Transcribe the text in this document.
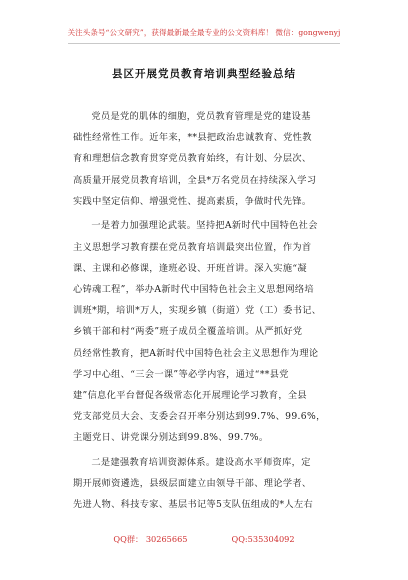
关注头条号“公文研究”，获得最新最全最专业的公文资料库！ 微信：gongwenyj
县区开展党员教育培训典型经验总结
党员是党的肌体的细胞，党员教育管理是党的建设基
础性经常性工作。近年来，**县把政治忠诚教育、党性教
育和理想信念教育贯穿党员教育始终，有计划、分层次、
高质量开展党员教育培训，全县*万名党员在持续深入学习
实践中坚定信仰、增强党性、提高素质，争做时代先锋。
一是着力加强理论武装。坚持把A新时代中国特色社会
主义思想学习教育摆在党员教育培训最突出位置，作为首
课、主课和必修课，逢班必设、开班首讲。深入实施“凝
心铸魂工程”，举办A新时代中国特色社会主义思想网络培
训班*期，培训*万人，实现乡镇（街道）党（工）委书记、
乡镇干部和村“两委”班子成员全覆盖培训。从严抓好党
员经常性教育，把A新时代中国特色社会主义思想作为理论
学习中心组、“三会一课”等必学内容，通过“**县党
建”信息化平台督促各级常态化开展理论学习教育，全县
党支部党员大会、支委会召开率分别达到99.7%、99.6%，
主题党日、讲党课分别达到99.8%、99.7%。
二是建强教育培训资源体系。建设高水平师资库，定
期开展师资遴选，县级层面建立由领导干部、理论学者、
先进人物、科技专家、基层书记等5支队伍组成的*人左右
QQ群： 30265665	QQ:535304092
